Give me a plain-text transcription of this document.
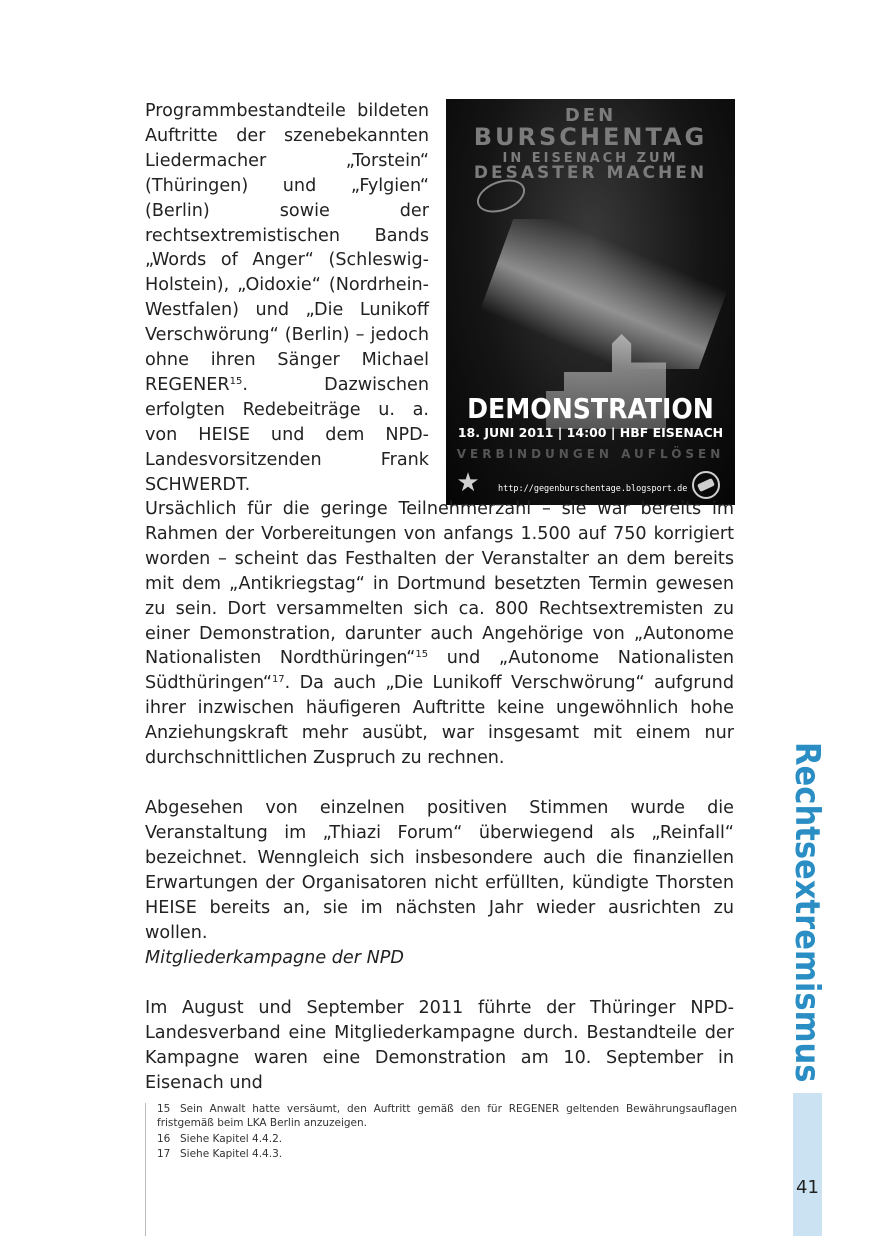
Programmbestandteile bildeten Auftritte der szenebekannten Liedermacher „Torstein“ (Thüringen) und „Fylgien“ (Berlin) sowie der rechtsextremistischen Bands „Words of Anger“ (Schleswig-Holstein), „Oidoxie“ (Nordrhein-Westfalen) und „Die Lunikoff Verschwörung“ (Berlin) – jedoch ohne ihren Sänger Michael REGENER$^{15}$. Dazwischen erfolgten Redebeiträge u. a. von HEISE und dem NPD-Landesvorsitzenden Frank SCHWERDT.
DEN
BURSCHENTAG
IN EISENACH ZUM
DESASTER MACHEN
DEMONSTRATION
18. JUNI 2011 | 14:00 | HBF EISENACH
VERBINDUNGEN AUFLÖSEN
★ http://gegenburschentage.blogsport.de
Ursächlich für die geringe Teilnehmerzahl – sie war bereits im Rahmen der Vorbereitungen von anfangs 1.500 auf 750 korrigiert worden – scheint das Festhalten der Veranstalter an dem bereits mit dem „Antikriegstag“ in Dortmund besetzten Termin gewesen zu sein. Dort versammelten sich ca. 800 Rechtsextremisten zu einer Demonstration, darunter auch Angehörige von „Autonome Nationalisten Nordthüringen“$^{15}$ und „Autonome Nationalisten Südthüringen“$^{17}$. Da auch „Die Lunikoff Verschwörung“ aufgrund ihrer inzwischen häufigeren Auftritte keine ungewöhnlich hohe Anziehungskraft mehr ausübt, war insgesamt mit einem nur durchschnittlichen Zuspruch zu rechnen.
Abgesehen von einzelnen positiven Stimmen wurde die Veranstaltung im „Thiazi Forum“ überwiegend als „Reinfall“ bezeichnet. Wenngleich sich insbesondere auch die finanziellen Erwartungen der Organisatoren nicht erfüllten, kündigte Thorsten HEISE bereits an, sie im nächsten Jahr wieder ausrichten zu wollen.
Mitgliederkampagne der NPD
Im August und September 2011 führte der Thüringer NPD-Landesverband eine Mitgliederkampagne durch. Bestandteile der Kampagne waren eine Demonstration am 10. September in Eisenach und
15 Sein Anwalt hatte versäumt, den Auftritt gemäß den für REGENER geltenden Bewährungsauflagen fristgemäß beim LKA Berlin anzuzeigen.
16 Siehe Kapitel 4.4.2.
17 Siehe Kapitel 4.4.3.
Rechtsextremismus
41
